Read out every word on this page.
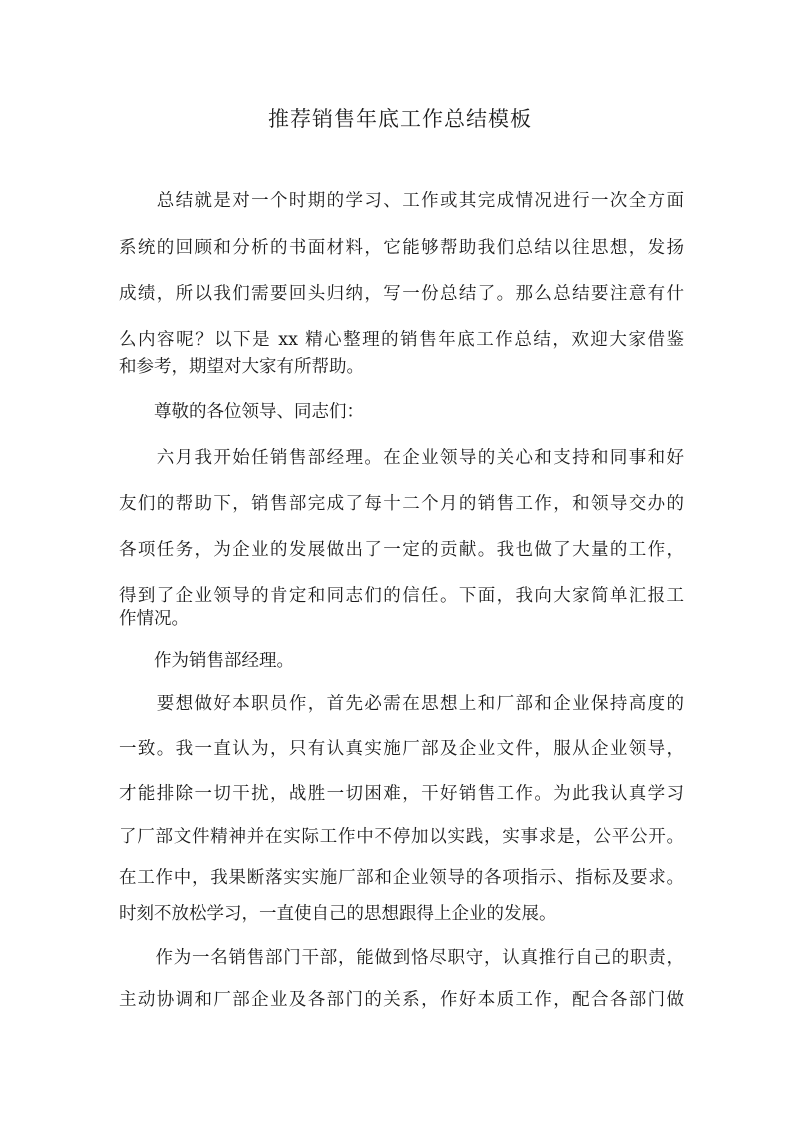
推荐销售年底工作总结模板
　　总结就是对一个时期的学习、工作或其完成情况进行一次全方面
系统的回顾和分析的书面材料，它能够帮助我们总结以往思想，发扬
成绩，所以我们需要回头归纳，写一份总结了。那么总结要注意有什
么内容呢？以下是 xx 精心整理的销售年底工作总结，欢迎大家借鉴
和参考，期望对大家有所帮助。
　　尊敬的各位领导、同志们：
　　六月我开始任销售部经理。在企业领导的关心和支持和同事和好
友们的帮助下，销售部完成了每十二个月的销售工作，和领导交办的
各项任务，为企业的发展做出了一定的贡献。我也做了大量的工作，
得到了企业领导的肯定和同志们的信任。下面，我向大家简单汇报工
作情况。
　　作为销售部经理。
　　要想做好本职员作，首先必需在思想上和厂部和企业保持高度的
一致。我一直认为，只有认真实施厂部及企业文件，服从企业领导，
才能排除一切干扰，战胜一切困难，干好销售工作。为此我认真学习
了厂部文件精神并在实际工作中不停加以实践，实事求是，公平公开。
在工作中，我果断落实实施厂部和企业领导的各项指示、指标及要求。
时刻不放松学习，一直使自己的思想跟得上企业的发展。
　　作为一名销售部门干部，能做到恪尽职守，认真推行自己的职责，
主动协调和厂部企业及各部门的关系，作好本质工作，配合各部门做
